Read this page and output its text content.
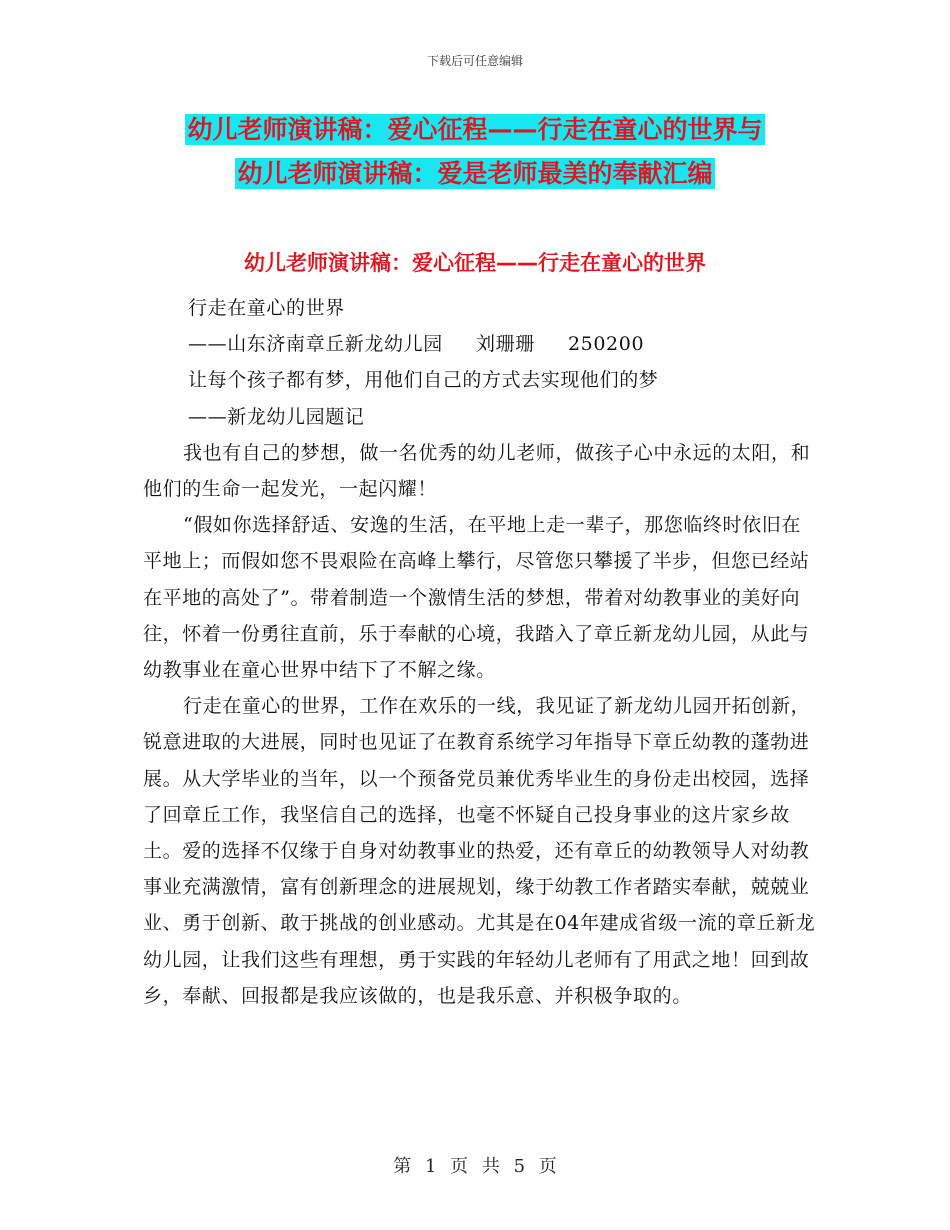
下载后可任意编辑
幼儿老师演讲稿：爱心征程——行走在童心的世界与
幼儿老师演讲稿：爱是老师最美的奉献汇编
幼儿老师演讲稿：爱心征程——行走在童心的世界

行走在童心的世界

——山东济南章丘新龙幼儿园     刘珊珊     250200

让每个孩子都有梦，用他们自己的方式去实现他们的梦

——新龙幼儿园题记

我也有自己的梦想，做一名优秀的幼儿老师，做孩子心中永远的太阳，和他们的生命一起发光，一起闪耀！

“假如你选择舒适、安逸的生活，在平地上走一辈子，那您临终时依旧在平地上；而假如您不畏艰险在高峰上攀行，尽管您只攀援了半步，但您已经站在平地的高处了”。带着制造一个激情生活的梦想，带着对幼教事业的美好向往，怀着一份勇往直前，乐于奉献的心境，我踏入了章丘新龙幼儿园，从此与幼教事业在童心世界中结下了不解之缘。

行走在童心的世界，工作在欢乐的一线，我见证了新龙幼儿园开拓创新，锐意进取的大进展，同时也见证了在教育系统学习年指导下章丘幼教的蓬勃进展。从大学毕业的当年，以一个预备党员兼优秀毕业生的身份走出校园，选择了回章丘工作，我坚信自己的选择，也毫不怀疑自己投身事业的这片家乡故土。爱的选择不仅缘于自身对幼教事业的热爱，还有章丘的幼教领导人对幼教事业充满激情，富有创新理念的进展规划，缘于幼教工作者踏实奉献，兢兢业业、勇于创新、敢于挑战的创业感动。尤其是在04年建成省级一流的章丘新龙幼儿园，让我们这些有理想，勇于实践的年轻幼儿老师有了用武之地！回到故乡，奉献、回报都是我应该做的，也是我乐意、并积极争取的。

第 1 页 共 5 页
